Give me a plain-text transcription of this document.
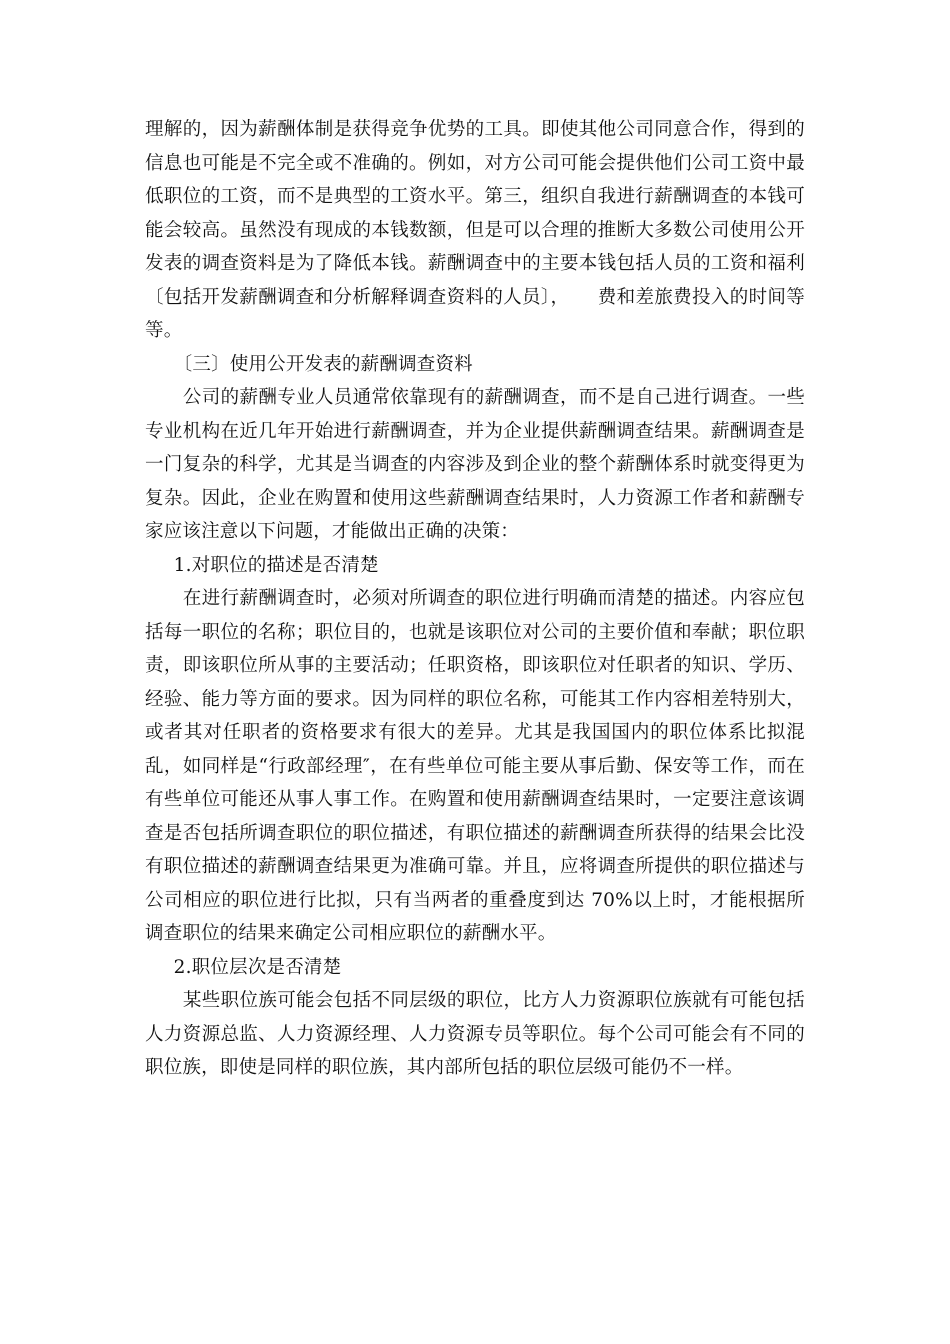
理解的，因为薪酬体制是获得竞争优势的工具。即使其他公司同意合作，得到的信息也可能是不完全或不准确的。例如，对方公司可能会提供他们公司工资中最低职位的工资，而不是典型的工资水平。第三，组织自我进行薪酬调查的本钱可能会较高。虽然没有现成的本钱数额，但是可以合理的推断大多数公司使用公开发表的调查资料是为了降低本钱。薪酬调查中的主要本钱包括人员的工资和福利〔包括开发薪酬调查和分析解释调查资料的人员〕，　　费和差旅费投入的时间等等。

〔三〕使用公开发表的薪酬调查资料

公司的薪酬专业人员通常依靠现有的薪酬调查，而不是自己进行调查。一些专业机构在近几年开始进行薪酬调查，并为企业提供薪酬调查结果。薪酬调查是一门复杂的科学，尤其是当调查的内容涉及到企业的整个薪酬体系时就变得更为复杂。因此，企业在购置和使用这些薪酬调查结果时，人力资源工作者和薪酬专家应该注意以下问题，才能做出正确的决策：

1.对职位的描述是否清楚

在进行薪酬调查时，必须对所调查的职位进行明确而清楚的描述。内容应包括每一职位的名称；职位目的，也就是该职位对公司的主要价值和奉献；职位职责，即该职位所从事的主要活动；任职资格，即该职位对任职者的知识、学历、经验、能力等方面的要求。因为同样的职位名称，可能其工作内容相差特别大，或者其对任职者的资格要求有很大的差异。尤其是我国国内的职位体系比拟混乱，如同样是“行政部经理″，在有些单位可能主要从事后勤、保安等工作，而在有些单位可能还从事人事工作。在购置和使用薪酬调查结果时，一定要注意该调查是否包括所调查职位的职位描述，有职位描述的薪酬调查所获得的结果会比没有职位描述的薪酬调查结果更为准确可靠。并且，应将调查所提供的职位描述与公司相应的职位进行比拟，只有当两者的重叠度到达 70%以上时，才能根据所调查职位的结果来确定公司相应职位的薪酬水平。

2.职位层次是否清楚

某些职位族可能会包括不同层级的职位，比方人力资源职位族就有可能包括人力资源总监、人力资源经理、人力资源专员等职位。每个公司可能会有不同的职位族，即使是同样的职位族，其内部所包括的职位层级可能仍不一样。
